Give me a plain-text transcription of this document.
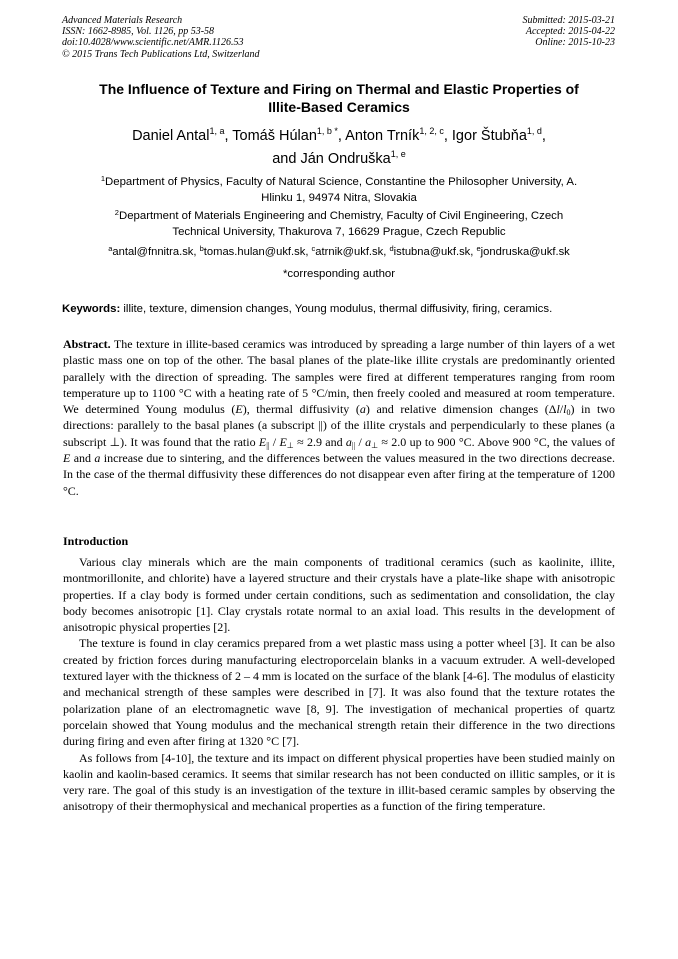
Advanced Materials Research
ISSN: 1662-8985, Vol. 1126, pp 53-58
doi:10.4028/www.scientific.net/AMR.1126.53
© 2015 Trans Tech Publications Ltd, Switzerland
Submitted: 2015-03-21
Accepted: 2015-04-22
Online: 2015-10-23
The Influence of Texture and Firing on Thermal and Elastic Properties of
Illite-Based Ceramics
Daniel Antal$^{1, a}$, Tomáš Húlan$^{1, b *}$, Anton Trník$^{1, 2, c}$, Igor Štubňa$^{1, d}$,
and Ján Ondruška$^{1, e}$
$^1$Department of Physics, Faculty of Natural Science, Constantine the Philosopher University, A.
Hlinku 1, 94974 Nitra, Slovakia
$^2$Department of Materials Engineering and Chemistry, Faculty of Civil Engineering, Czech
Technical University, Thakurova 7, 16629 Prague, Czech Republic
$^a$antal@fnnitra.sk, $^b$tomas.hulan@ukf.sk, $^c$atrnik@ukf.sk, $^d$istubna@ukf.sk, $^e$jondruska@ukf.sk
*corresponding author
Keywords: illite, texture, dimension changes, Young modulus, thermal diffusivity, firing, ceramics.
Abstract. The texture in illite-based ceramics was introduced by spreading a large number of thin layers of a wet plastic mass one on top of the other. The basal planes of the plate-like illite crystals are predominantly oriented parallely with the direction of spreading. The samples were fired at different temperatures ranging from room temperature up to 1100 °C with a heating rate of 5 °C/min, then freely cooled and measured at room temperature. We determined Young modulus (E), thermal diffusivity (a) and relative dimension changes $(\Delta l/l_0)$ in two directions: parallely to the basal planes (a subscript ||) of the illite crystals and perpendicularly to these planes (a subscript ⊥). It was found that the ratio $E_{||} / E_\perp \approx 2.9$ and $a_{||} / a_\perp \approx 2.0$ up to 900 °C. Above 900 °C, the values of E and a increase due to sintering, and the differences between the values measured in the two directions decrease. In the case of the thermal diffusivity these differences do not disappear even after firing at the temperature of 1200 °C.
Introduction

Various clay minerals which are the main components of traditional ceramics (such as kaolinite, illite, montmorillonite, and chlorite) have a layered structure and their crystals have a plate-like shape with anisotropic properties. If a clay body is formed under certain conditions, such as sedimentation and consolidation, the clay body becomes anisotropic [1]. Clay crystals rotate normal to an axial load. This results in the development of anisotropic physical properties [2].

The texture is found in clay ceramics prepared from a wet plastic mass using a potter wheel [3]. It can be also created by friction forces during manufacturing electroporcelain blanks in a vacuum extruder. A well-developed textured layer with the thickness of 2 – 4 mm is located on the surface of the blank [4-6]. The modulus of elasticity and mechanical strength of these samples were described in [7]. It was also found that the texture rotates the polarization plane of an electromagnetic wave [8, 9]. The investigation of mechanical properties of quartz porcelain showed that Young modulus and the mechanical strength retain their difference in the two directions during firing and even after firing at 1320 °C [7].

As follows from [4-10], the texture and its impact on different physical properties have been studied mainly on kaolin and kaolin-based ceramics. It seems that similar research has not been conducted on illitic samples, or it is very rare. The goal of this study is an investigation of the texture in illit-based ceramic samples by observing the anisotropy of their thermophysical and mechanical properties as a function of the firing temperature.
